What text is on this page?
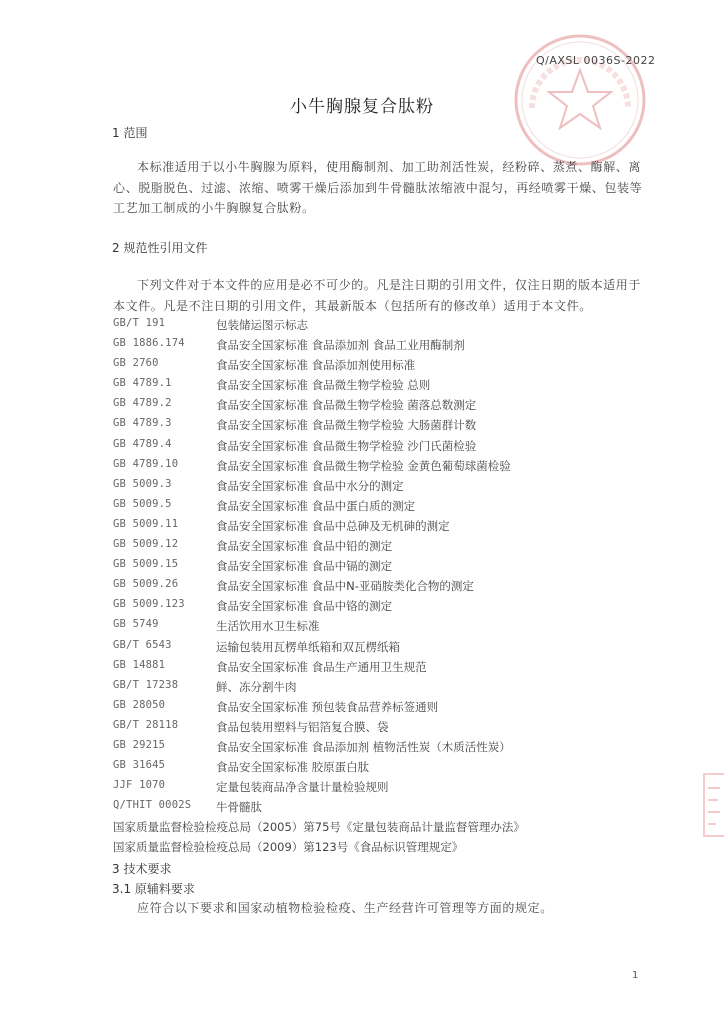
Q/AXSL 0036S-2022
小牛胸腺复合肽粉
1 范围
本标准适用于以小牛胸腺为原料，使用酶制剂、加工助剂活性炭，经粉碎、蒸煮、酶解、离心、脱脂脱色、过滤、浓缩、喷雾干燥后添加到牛骨髓肽浓缩液中混匀，再经喷雾干燥、包装等工艺加工制成的小牛胸腺复合肽粉。
2 规范性引用文件
下列文件对于本文件的应用是必不可少的。凡是注日期的引用文件，仅注日期的版本适用于本文件。凡是不注日期的引用文件，其最新版本（包括所有的修改单）适用于本文件。
GB/T 191	包装储运图示标志
GB 1886.174	食品安全国家标准 食品添加剂 食品工业用酶制剂
GB 2760	食品安全国家标准 食品添加剂使用标准
GB 4789.1	食品安全国家标准 食品微生物学检验 总则
GB 4789.2	食品安全国家标准 食品微生物学检验 菌落总数测定
GB 4789.3	食品安全国家标准 食品微生物学检验 大肠菌群计数
GB 4789.4	食品安全国家标准 食品微生物学检验 沙门氏菌检验
GB 4789.10	食品安全国家标准 食品微生物学检验 金黄色葡萄球菌检验
GB 5009.3	食品安全国家标准 食品中水分的测定
GB 5009.5	食品安全国家标准 食品中蛋白质的测定
GB 5009.11	食品安全国家标准 食品中总砷及无机砷的测定
GB 5009.12	食品安全国家标准 食品中铅的测定
GB 5009.15	食品安全国家标准 食品中镉的测定
GB 5009.26	食品安全国家标准 食品中N-亚硝胺类化合物的测定
GB 5009.123	食品安全国家标准 食品中铬的测定
GB 5749	生活饮用水卫生标准
GB/T 6543	运输包装用瓦楞单纸箱和双瓦楞纸箱
GB 14881	食品安全国家标准 食品生产通用卫生规范
GB/T 17238	鲜、冻分割牛肉
GB 28050	食品安全国家标准 预包装食品营养标签通则
GB/T 28118	食品包装用塑料与铝箔复合膜、袋
GB 29215	食品安全国家标准 食品添加剂 植物活性炭（木质活性炭）
GB 31645	食品安全国家标准 胶原蛋白肽
JJF 1070	定量包装商品净含量计量检验规则
Q/THIT 0002S	牛骨髓肽
国家质量监督检验检疫总局（2005）第75号《定量包装商品计量监督管理办法》
国家质量监督检验检疫总局（2009）第123号《食品标识管理规定》
3 技术要求
3.1 原辅料要求
应符合以下要求和国家动植物检验检疫、生产经营许可管理等方面的规定。
1
